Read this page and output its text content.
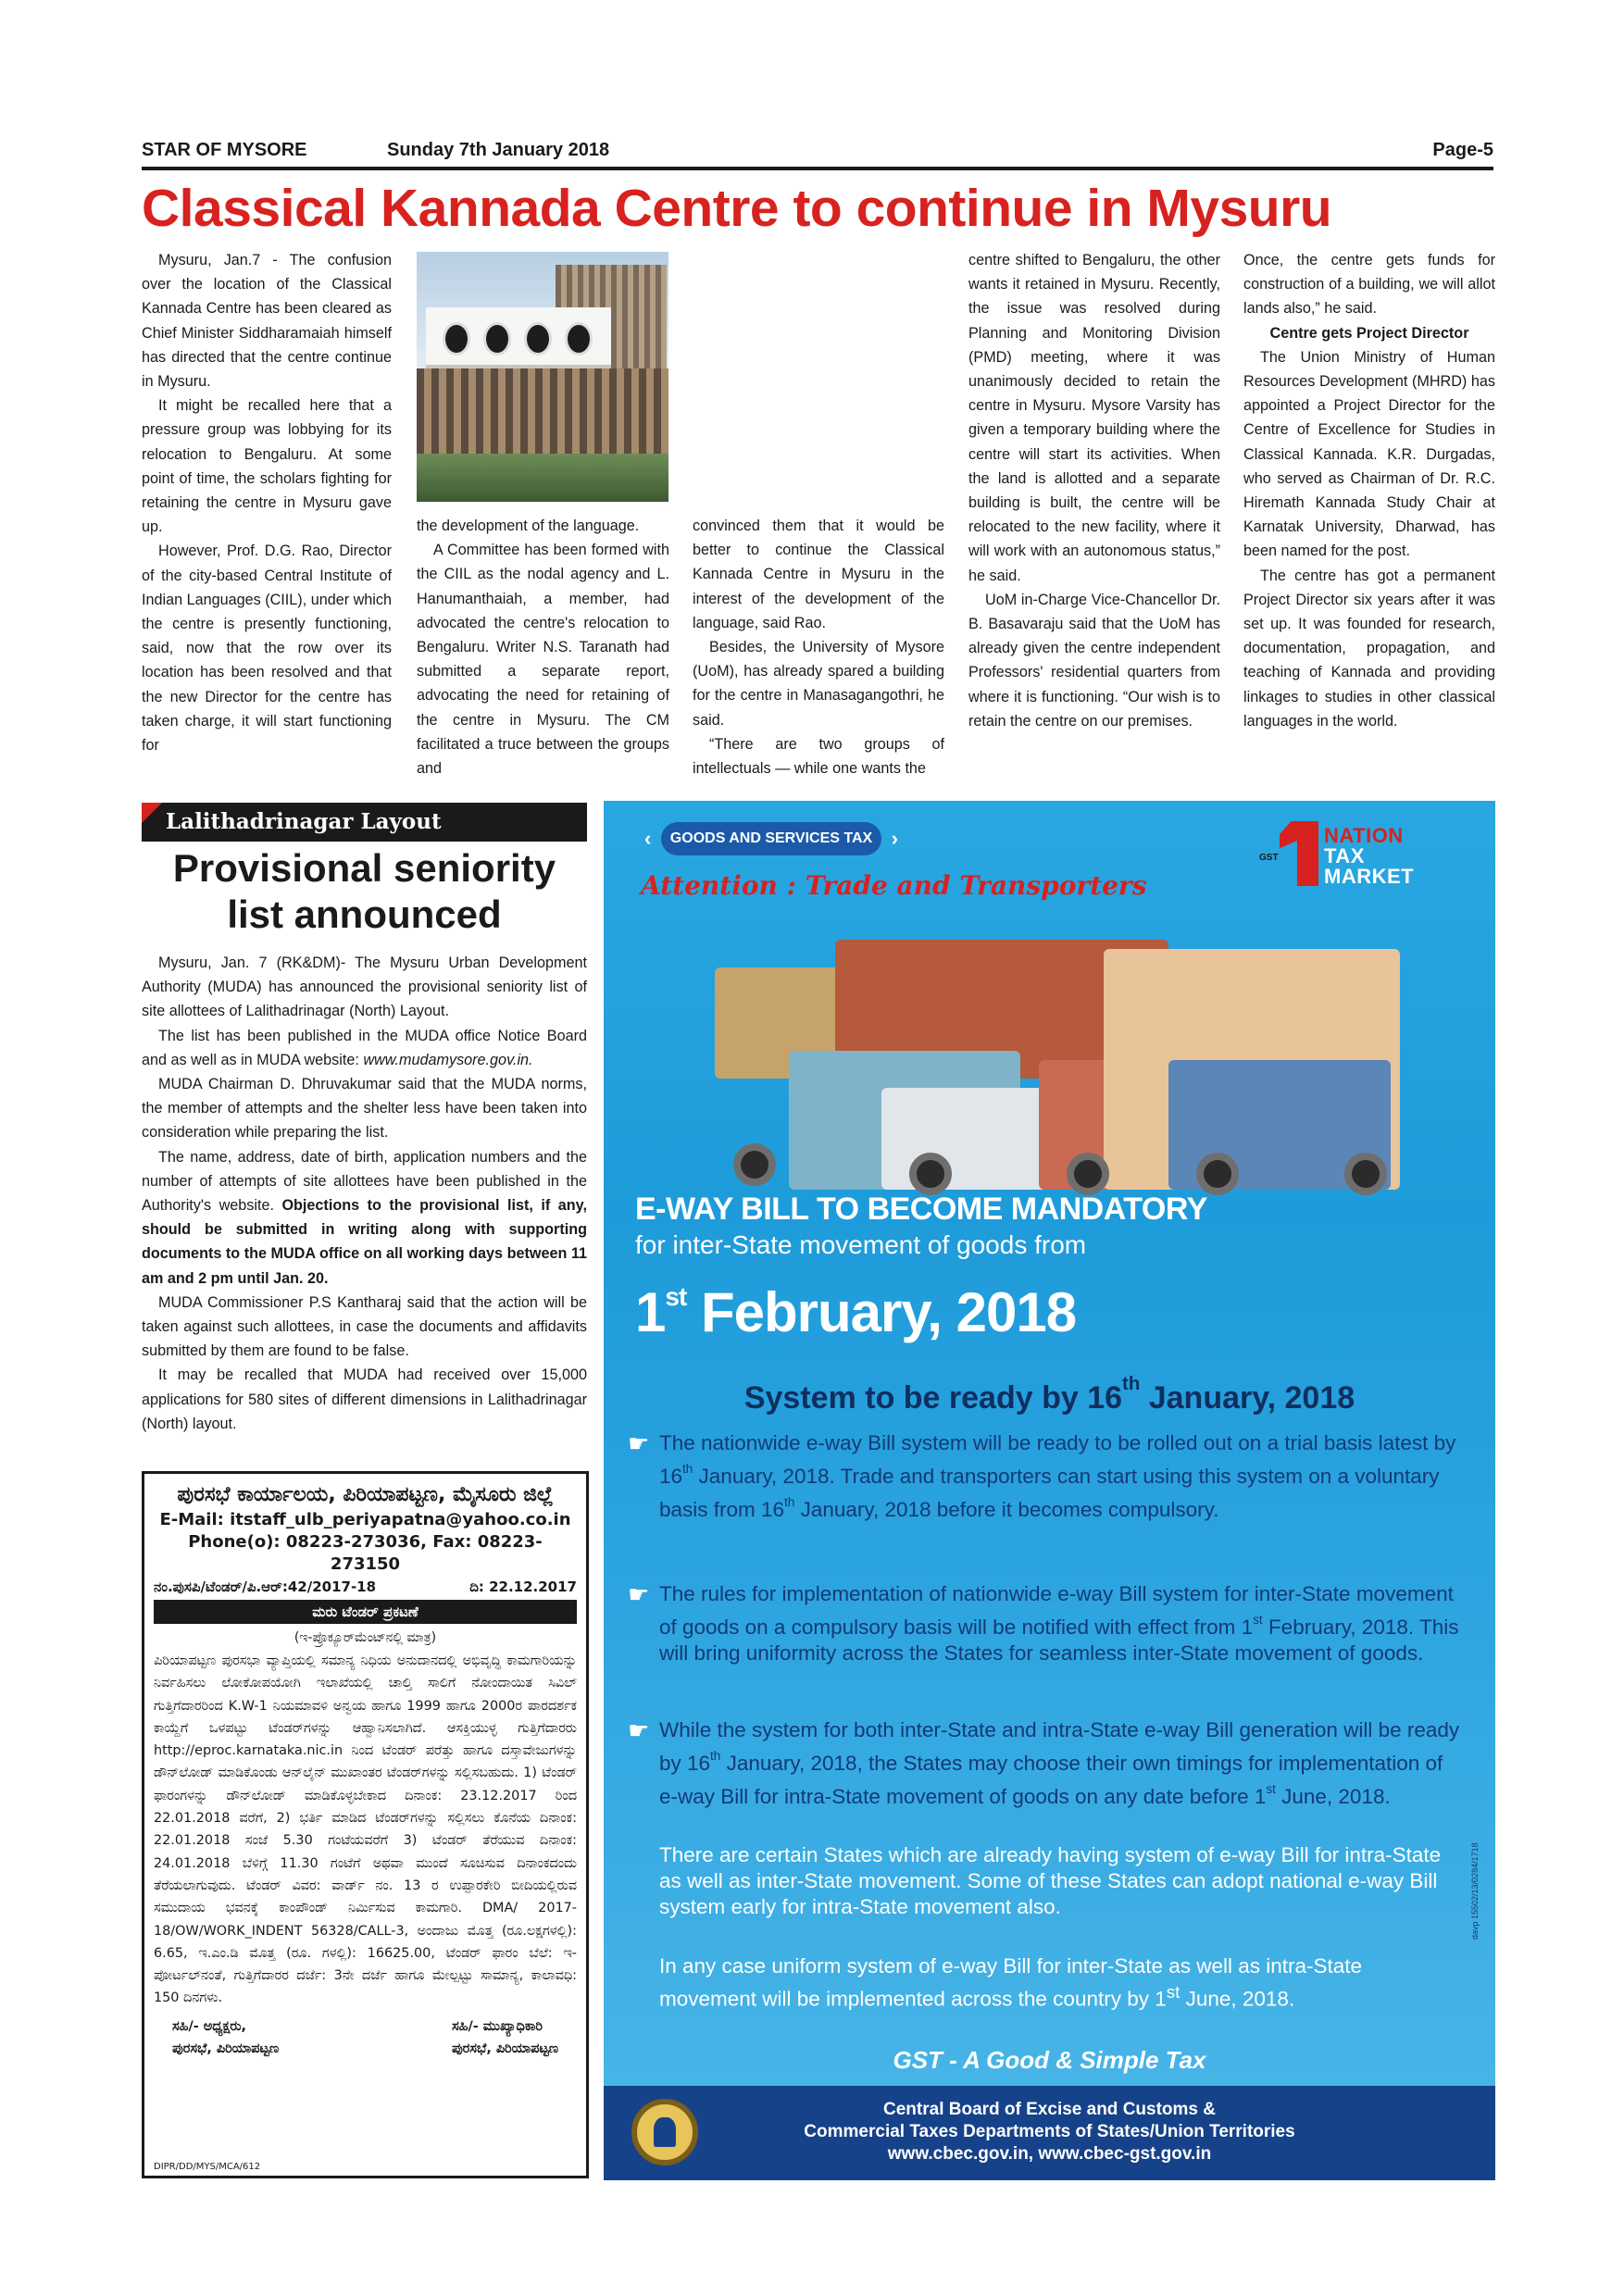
STAR OF MYSORE	Sunday 7th January 2018	Page-5
Classical Kannada Centre to continue in Mysuru

Mysuru, Jan.7 - The confusion over the location of the Classical Kannada Centre has been cleared as Chief Minister Siddharamaiah himself has directed that the centre continue in Mysuru.

It might be recalled here that a pressure group was lobbying for its relocation to Bengaluru. At some point of time, the scholars fighting for retaining the centre in Mysuru gave up.

However, Prof. D.G. Rao, Director of the city-based Central Institute of Indian Languages (CIIL), under which the centre is presently functioning, said, now that the row over its location has been resolved and that the new Director for the centre has taken charge, it will start functioning for

the development of the language.

A Committee has been formed with the CIIL as the nodal agency and L. Hanumanthaiah, a member, had advocated the centre's relocation to Bengaluru. Writer N.S. Taranath had submitted a separate report, advocating the need for retaining of the centre in Mysuru. The CM facilitated a truce between the groups and

convinced them that it would be better to continue the Classical Kannada Centre in Mysuru in the interest of the development of the language, said Rao.

Besides, the University of Mysore (UoM), has already spared a building for the centre in Manasagangothri, he said.

“There are two groups of intellectuals — while one wants the

centre shifted to Bengaluru, the other wants it retained in Mysuru. Recently, the issue was resolved during Planning and Monitoring Division (PMD) meeting, where it was unanimously decided to retain the centre in Mysuru. Mysore Varsity has given a temporary building where the centre will start its activities. When the land is allotted and a separate building is built, the centre will be relocated to the new facility, where it will work with an autonomous status,” he said.

UoM in-Charge Vice-Chancellor Dr. B. Basavaraju said that the UoM has already given the centre independent Professors' residential quarters from where it is functioning. “Our wish is to retain the centre on our premises.

Once, the centre gets funds for construction of a building, we will allot lands also,” he said.

Centre gets Project Director

The Union Ministry of Human Resources Development (MHRD) has appointed a Project Director for the Centre of Excellence for Studies in Classical Kannada. K.R. Durgadas, who served as Chairman of Dr. R.C. Hiremath Kannada Study Chair at Karnatak University, Dharwad, has been named for the post.

The centre has got a permanent Project Director six years after it was set up. It was founded for research, documentation, propagation, and teaching of Kannada and providing linkages to studies in other classical languages in the world.

Lalithadrinagar Layout
Provisional seniority list announced

Mysuru, Jan. 7 (RK&DM)- The Mysuru Urban Development Authority (MUDA) has announced the provisional seniority list of site allottees of Lalithadrinagar (North) Layout.

The list has been published in the MUDA office Notice Board and as well as in MUDA website: www.mudamysore.gov.in.

MUDA Chairman D. Dhruvakumar said that the MUDA norms, the member of attempts and the shelter less have been taken into consideration while preparing the list.

The name, address, date of birth, application numbers and the number of attempts of site allottees have been published in the Authority's website. Objections to the provisional list, if any, should be submitted in writing along with supporting documents to the MUDA office on all working days between 11 am and 2 pm until Jan. 20.

MUDA Commissioner P.S Kantharaj said that the action will be taken against such allottees, in case the documents and affidavits submitted by them are found to be false.

It may be recalled that MUDA had received over 15,000 applications for 580 sites of different dimensions in Lalithadrinagar (North) layout.

ಪುರಸಭೆ ಕಾರ್ಯಾಲಯ, ಪಿರಿಯಾಪಟ್ಟಣ, ಮೈಸೂರು ಜಿಲ್ಲೆ
E-Mail: itstaff_ulb_periyapatna@yahoo.co.in
Phone(o): 08223-273036, Fax: 08223-273150
ನಂ.ಪುಸಪಿ/ಟೆಂಡರ್/ಪಿ.ಆರ್:42/2017-18	ದಿ: 22.12.2017
ಮರು ಟೆಂಡರ್ ಪ್ರಕಟಣೆ
(ಇ-ಪ್ರೊಕ್ಯೂರ್‌ಮೆಂಟ್‌ನಲ್ಲಿ ಮಾತ್ರ)
ಪಿರಿಯಾಪಟ್ಟಣ ಪುರಸಭಾ ವ್ಯಾಪ್ತಿಯಲ್ಲಿ ಸಮಾನ್ಯ ನಿಧಿಯ ಅನುದಾನದಲ್ಲಿ ಅಭಿವೃದ್ಧಿ ಕಾಮಗಾರಿಯನ್ನು ನಿರ್ವಹಿಸಲು ಲೋಕೋಪಯೋಗಿ ಇಲಾಖೆಯಲ್ಲಿ ಚಾಲ್ತಿ ಸಾಲಿಗೆ ನೋಂದಾಯಿತ ಸಿವಿಲ್ ಗುತ್ತಿಗೆದಾರರಿಂದ K.W-1 ನಿಯಮಾವಳಿ ಅನ್ವಯ ಹಾಗೂ 1999 ಹಾಗೂ 2000ರ ಪಾರದರ್ಶಕ ಕಾಯ್ದೆಗೆ ಒಳಪಟ್ಟು ಟೆಂಡರ್‌ಗಳನ್ನು ಆಹ್ವಾನಿಸಲಾಗಿದೆ. ಆಸಕ್ತಿಯುಳ್ಳ ಗುತ್ತಿಗೆದಾರರು http://eproc.karnataka.nic.in ನಿಂದ ಟೆಂಡರ್ ಪರೆತ್ತು ಹಾಗೂ ದಸ್ತಾವೇಜುಗಳನ್ನು ಡೌನ್‌ಲೋಡ್ ಮಾಡಿಕೊಂಡು ಆನ್‌ಲೈನ್ ಮುಖಾಂತರ ಟೆಂಡರ್‌ಗಳನ್ನು ಸಲ್ಲಿಸಬಹುದು. 1) ಟೆಂಡರ್ ಫಾರಂಗಳನ್ನು ಡೌನ್‌ಲೋಡ್ ಮಾಡಿಕೊಳ್ಳಬೇಕಾದ ದಿನಾಂಕ: 23.12.2017 ರಿಂದ 22.01.2018 ವರೆಗೆ, 2) ಭರ್ತಿ ಮಾಡಿದ ಟೆಂಡರ್‌ಗಳನ್ನು ಸಲ್ಲಿಸಲು ಕೊನೆಯ ದಿನಾಂಕ: 22.01.2018 ಸಂಜೆ 5.30 ಗಂಟೆಯವರೆಗೆ 3) ಟೆಂಡರ್ ತೆರೆಯುವ ದಿನಾಂಕ: 24.01.2018 ಬೆಳಿಗ್ಗೆ 11.30 ಗಂಟೆಗೆ ಅಥವಾ ಮುಂದೆ ಸೂಚಿಸುವ ದಿನಾಂಕದಂದು ತೆರೆಯಲಾಗುವುದು. ಟೆಂಡರ್ ವಿವರ: ವಾರ್ಡ್ ನಂ. 13 ರ ಉಪ್ಪಾರಕೇರಿ ಬೀದಿಯಲ್ಲಿರುವ ಸಮುದಾಯ ಭವನಕ್ಕೆ ಕಾಂಪೌಂಡ್ ನಿರ್ಮಿಸುವ ಕಾಮಗಾರಿ. DMA/ 2017-18/OW/WORK_INDENT 56328/CALL-3, ಅಂದಾಜು ಮೊತ್ತ (ರೂ.ಲಕ್ಷಗಳಲ್ಲಿ): 6.65, ಇ.ಎಂ.ಡಿ ಮೊತ್ತ (ರೂ. ಗಳಲ್ಲಿ): 16625.00, ಟೆಂಡರ್ ಫಾರಂ ಬೆಲೆ: ಇ-ಪೋರ್ಟಲ್‌ನಂತೆ, ಗುತ್ತಿಗೆದಾರರ ದರ್ಜೆ: 3ನೇ ದರ್ಜೆ ಹಾಗೂ ಮೇಲ್ಪಟ್ಟು ಸಾಮಾನ್ಯ, ಕಾಲಾವಧಿ: 150 ದಿನಗಳು.
ಸಹಿ/- ಅಧ್ಯಕ್ಷರು,
ಪುರಸಭೆ, ಪಿರಿಯಾಪಟ್ಟಣ
ಸಹಿ/- ಮುಖ್ಯಾಧಿಕಾರಿ
ಪುರಸಭೆ, ಪಿರಿಯಾಪಟ್ಟಣ
DIPR/DD/MYS/MCA/612
‹ GOODS AND SERVICES TAX ›
Attention : Trade and Transporters
GST
NATION
TAX
MARKET
E-WAY BILL TO BECOME MANDATORY
for inter-State movement of goods from
1st February, 2018
System to be ready by 16th January, 2018
☛ The nationwide e-way Bill system will be ready to be rolled out on a trial basis latest by 16th January, 2018. Trade and transporters can start using this system on a voluntary basis from 16th January, 2018 before it becomes compulsory.
☛ The rules for implementation of nationwide e-way Bill system for inter-State movement of goods on a compulsory basis will be notified with effect from 1st February, 2018. This will bring uniformity across the States for seamless inter-State movement of goods.
☛ While the system for both inter-State and intra-State e-way Bill generation will be ready by 16th January, 2018, the States may choose their own timings for implementation of e-way Bill for intra-State movement of goods on any date before 1st June, 2018.
There are certain States which are already having system of e-way Bill for intra-State as well as inter-State movement. Some of these States can adopt national e-way Bill system early for intra-State movement also.
In any case uniform system of e-way Bill for inter-State as well as intra-State movement will be implemented across the country by 1st June, 2018.
davp 15502/13/0284/1718
GST - A Good & Simple Tax
Central Board of Excise and Customs &
Commercial Taxes Departments of States/Union Territories
www.cbec.gov.in, www.cbec-gst.gov.in
